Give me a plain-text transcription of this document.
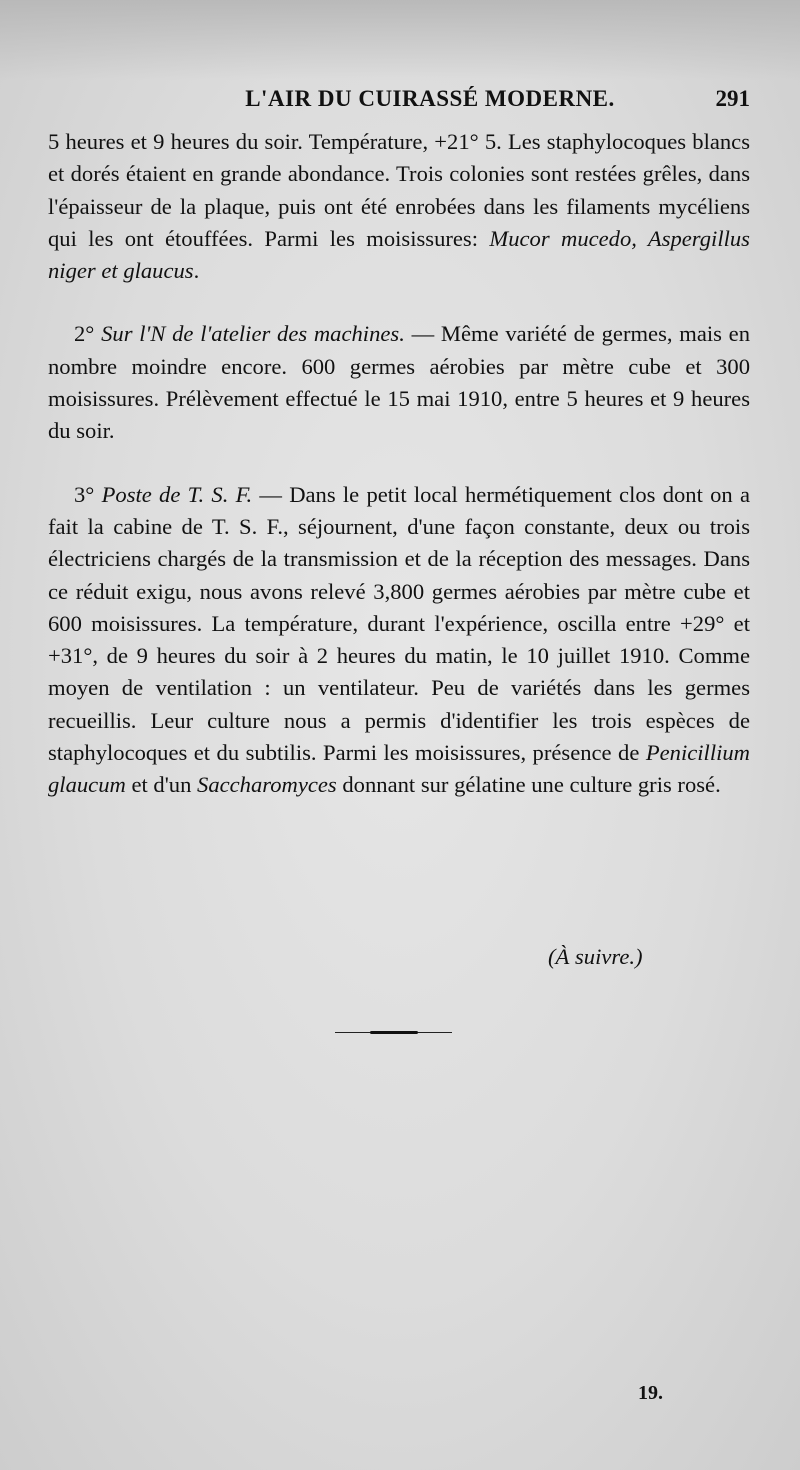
L'AIR DU CUIRASSÉ MODERNE.	291

5 heures et 9 heures du soir. Température, +21° 5. Les staphylocoques blancs et dorés étaient en grande abondance. Trois colonies sont restées grêles, dans l'épaisseur de la plaque, puis ont été enrobées dans les filaments mycéliens qui les ont étouffées. Parmi les moisissures: Mucor mucedo, Aspergillus niger et glaucus.

2° Sur l'N de l'atelier des machines. — Même variété de germes, mais en nombre moindre encore. 600 germes aérobies par mètre cube et 300 moisissures. Prélèvement effectué le 15 mai 1910, entre 5 heures et 9 heures du soir.

3° Poste de T. S. F. — Dans le petit local hermétiquement clos dont on a fait la cabine de T. S. F., séjournent, d'une façon constante, deux ou trois électriciens chargés de la transmission et de la réception des messages. Dans ce réduit exigu, nous avons relevé 3,800 germes aérobies par mètre cube et 600 moisissures. La température, durant l'expérience, oscilla entre +29° et +31°, de 9 heures du soir à 2 heures du matin, le 10 juillet 1910. Comme moyen de ventilation : un ventilateur. Peu de variétés dans les germes recueillis. Leur culture nous a permis d'identifier les trois espèces de staphylocoques et du subtilis. Parmi les moisissures, présence de Penicillium glaucum et d'un Saccharomyces donnant sur gélatine une culture gris rosé.

(À suivre.)
19.
